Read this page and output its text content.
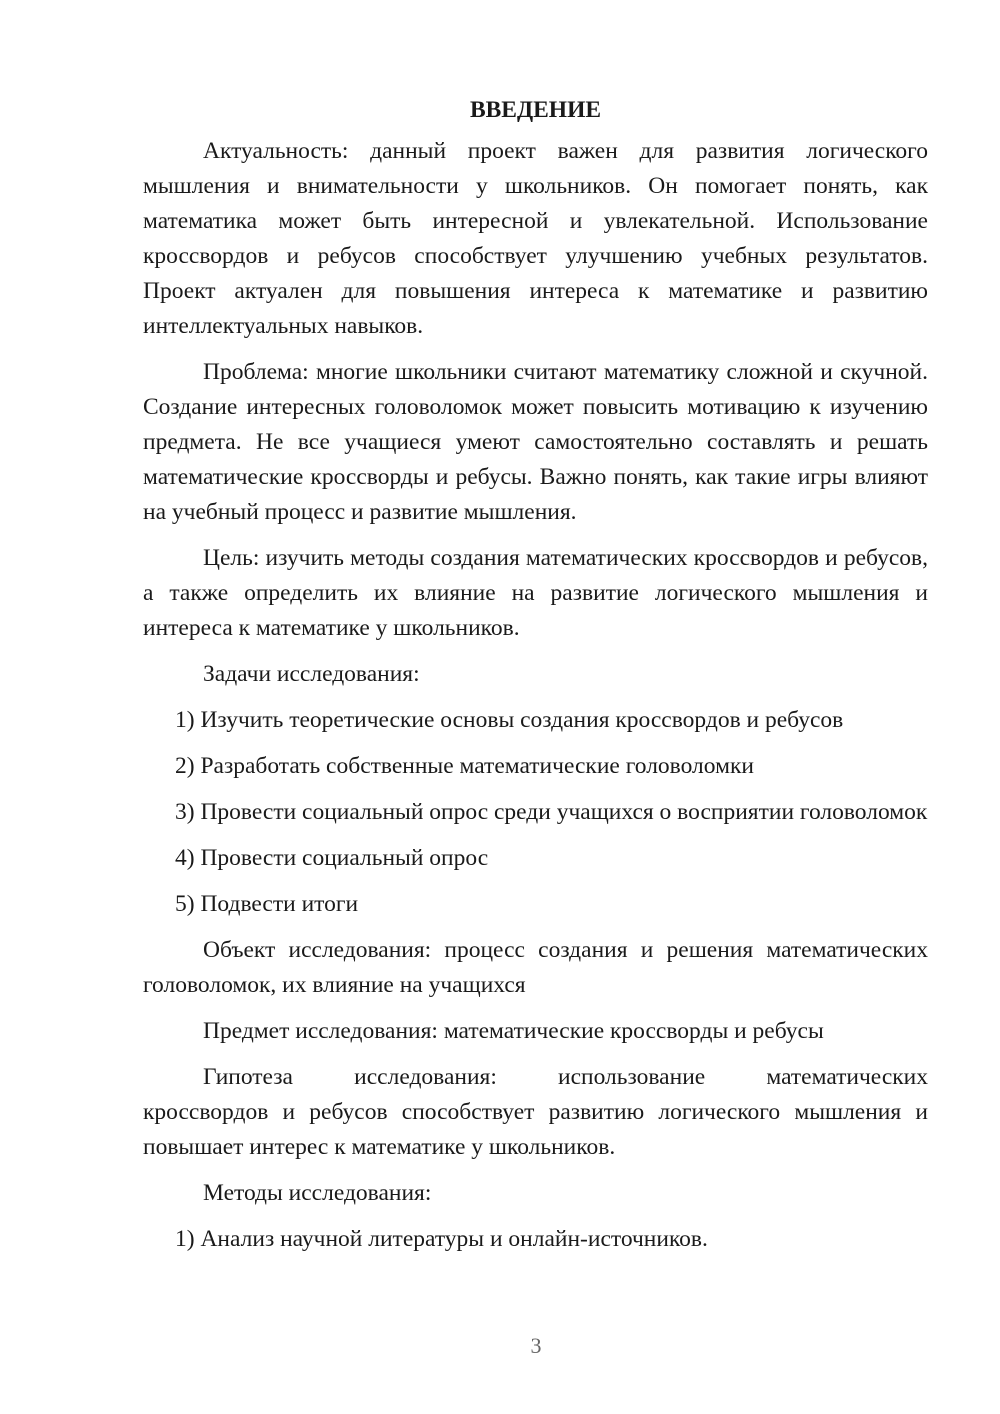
ВВЕДЕНИЕ

Актуальность: данный проект важен для развития логического мышления и внимательности у школьников. Он помогает понять, как математика может быть интересной и увлекательной. Использование кроссвордов и ребусов способствует улучшению учебных результатов. Проект актуален для повышения интереса к математике и развитию интеллектуальных навыков.

Проблема: многие школьники считают математику сложной и скучной. Создание интересных головоломок может повысить мотивацию к изучению предмета. Не все учащиеся умеют самостоятельно составлять и решать математические кроссворды и ребусы. Важно понять, как такие игры влияют на учебный процесс и развитие мышления.

Цель: изучить методы создания математических кроссвордов и ребусов, а также определить их влияние на развитие логического мышления и интереса к математике у школьников.

Задачи исследования:

1) Изучить теоретические основы создания кроссвордов и ребусов

2) Разработать собственные математические головоломки

3) Провести социальный опрос среди учащихся о восприятии головоломок

4) Провести социальный опрос

5) Подвести итоги

Объект исследования: процесс создания и решения математических головоломок, их влияние на учащихся

Предмет исследования: математические кроссворды и ребусы

Гипотеза исследования: использование математических
кроссвордов и ребусов способствует развитию логического мышления и повышает интерес к математике у школьников.

Методы исследования:

1) Анализ научной литературы и онлайн-источников.

3
